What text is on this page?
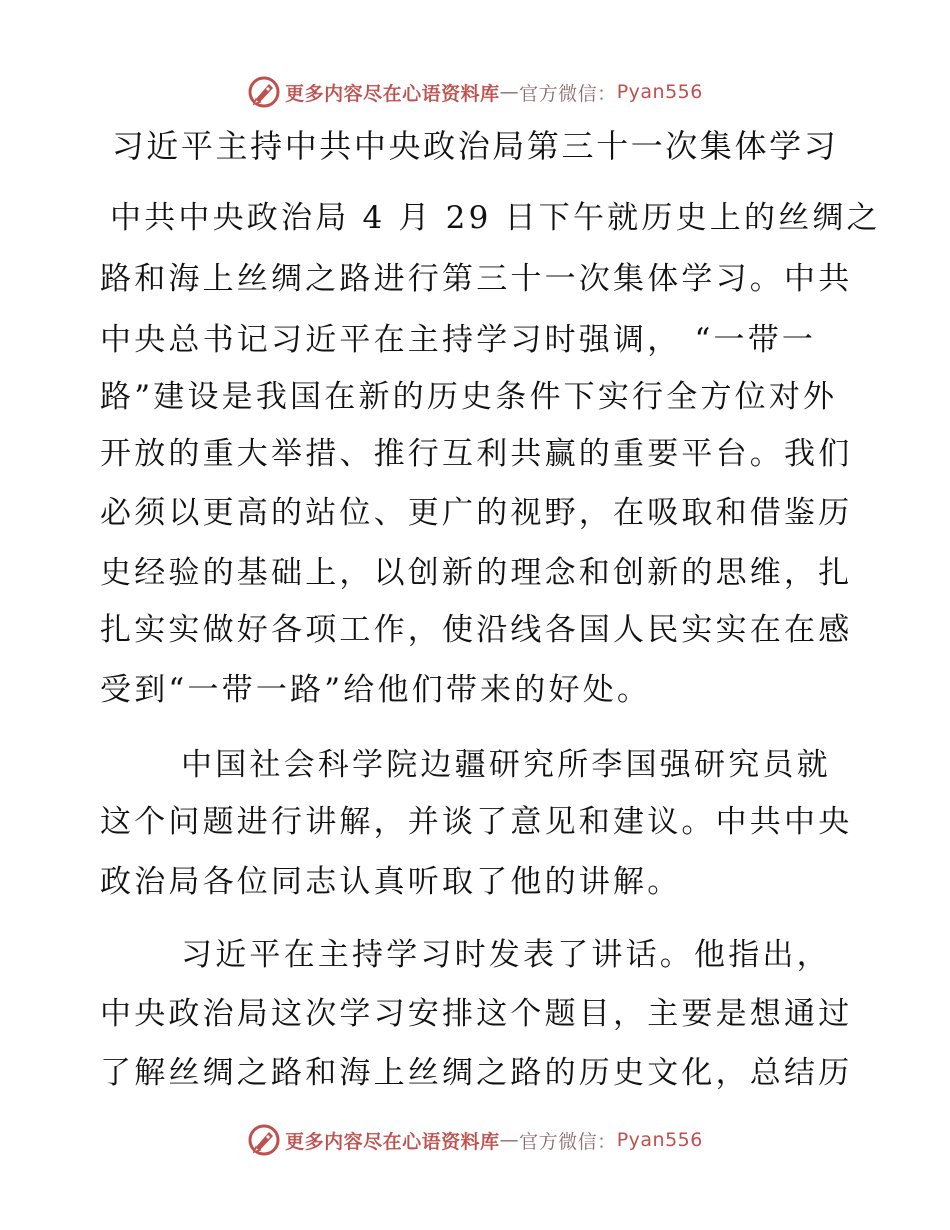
更多内容尽在心语资料库 — 官方微信： Pyan556
习近平主持中共中央政治局第三十一次集体学习
中共中央政治局 4 月 29 日下午就历史上的丝绸之
路和海上丝绸之路进行第三十一次集体学习。中共
中央总书记习近平在主持学习时强调， “一带一
路”建设是我国在新的历史条件下实行全方位对外
开放的重大举措、推行互利共赢的重要平台。我们
必须以更高的站位、更广的视野，在吸取和借鉴历
史经验的基础上，以创新的理念和创新的思维，扎
扎实实做好各项工作，使沿线各国人民实实在在感
受到“一带一路”给他们带来的好处。
中国社会科学院边疆研究所李国强研究员就
这个问题进行讲解，并谈了意见和建议。中共中央
政治局各位同志认真听取了他的讲解。
习近平在主持学习时发表了讲话。他指出，
中央政治局这次学习安排这个题目，主要是想通过
了解丝绸之路和海上丝绸之路的历史文化，总结历
更多内容尽在心语资料库 — 官方微信： Pyan556
